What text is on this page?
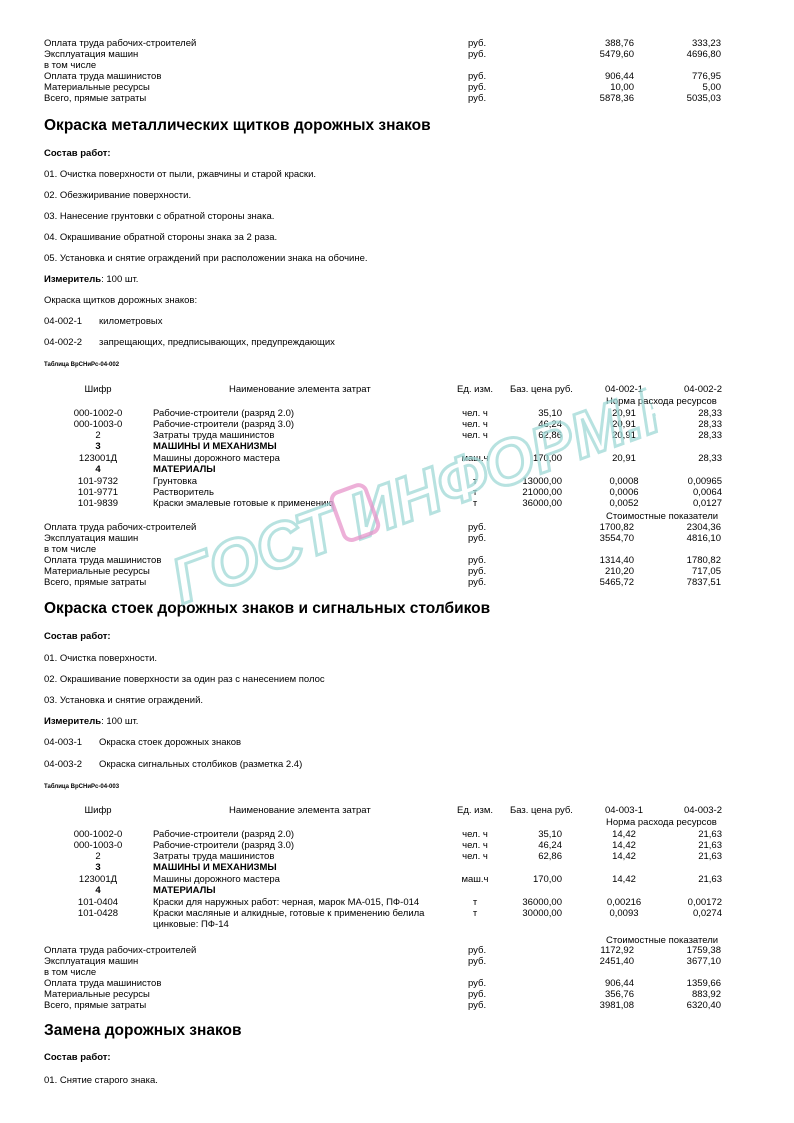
Оплата труда рабочих-строителей	руб.	388,76	333,23
Эксплуатация машин	руб.	5479,60	4696,80
в том числе
Оплата труда машинистов	руб.	906,44	776,95
Материальные ресурсы	руб.	10,00	5,00
Всего, прямые затраты	руб.	5878,36	5035,03
Окраска металлических щитков дорожных знаков
Состав работ:
01. Очистка поверхности от пыли, ржавчины и старой краски.
02. Обезжиривание поверхности.
03. Нанесение грунтовки с обратной стороны знака.
04. Окрашивание обратной стороны знака за 2 раза.
05. Установка и снятие ограждений при расположении знака на обочине.
Измеритель: 100 шт.
Окраска щитков дорожных знаков:
04-002-1 километровых
04-002-2 запрещающих, предписывающих, предупреждающих
Таблица ВрСНиРс-04-002
Шифр	Наименование элемента затрат	Ед. изм.	Баз. цена руб.	04-002-1	04-002-2
Норма расхода ресурсов
000-1002-0	Рабочие-строители (разряд 2.0)	чел. ч	35,10	20,91	28,33
000-1003-0	Рабочие-строители (разряд 3.0)	чел. ч	46,24	20,91	28,33
2	Затраты труда машинистов	чел. ч	62,86	20,91	28,33
3	МАШИНЫ И МЕХАНИЗМЫ
123001Д	Машины дорожного мастера	маш.ч	170,00	20,91	28,33
4	МАТЕРИАЛЫ
101-9732	Грунтовка	т	13000,00	0,0008	0,00965
101-9771	Растворитель	т	21000,00	0,0006	0,0064
101-9839	Краски эмалевые готовые к применению	т	36000,00	0,0052	0,0127
Стоимостные показатели
Оплата труда рабочих-строителей	руб.	1700,82	2304,36
Эксплуатация машин	руб.	3554,70	4816,10
в том числе
Оплата труда машинистов	руб.	1314,40	1780,82
Материальные ресурсы	руб.	210,20	717,05
Всего, прямые затраты	руб.	5465,72	7837,51
Окраска стоек дорожных знаков и сигнальных столбиков
Состав работ:
01. Очистка поверхности.
02. Окрашивание поверхности за один раз с нанесением полос
03. Установка и снятие ограждений.
Измеритель: 100 шт.
04-003-1 Окраска стоек дорожных знаков
04-003-2 Окраска сигнальных столбиков (разметка 2.4)
Таблица ВрСНиРс-04-003
Шифр	Наименование элемента затрат	Ед. изм.	Баз. цена руб.	04-003-1	04-003-2
Норма расхода ресурсов
000-1002-0	Рабочие-строители (разряд 2.0)	чел. ч	35,10	14,42	21,63
000-1003-0	Рабочие-строители (разряд 3.0)	чел. ч	46,24	14,42	21,63
2	Затраты труда машинистов	чел. ч	62,86	14,42	21,63
3	МАШИНЫ И МЕХАНИЗМЫ
123001Д	Машины дорожного мастера	маш.ч	170,00	14,42	21,63
4	МАТЕРИАЛЫ
101-0404	Краски для наружных работ: черная, марок МА-015, ПФ-014	т	36000,00	0,00216	0,00172
101-0428	Краски масляные и алкидные, готовые к применению белила	т	30000,00	0,0093	0,0274
цинковые: ПФ-14
Стоимостные показатели
Оплата труда рабочих-строителей	руб.	1172,92	1759,38
Эксплуатация машин	руб.	2451,40	3677,10
в том числе
Оплата труда машинистов	руб.	906,44	1359,66
Материальные ресурсы	руб.	356,76	883,92
Всего, прямые затраты	руб.	3981,08	6320,40
Замена дорожных знаков
Состав работ:
01. Снятие старого знака.
ГОСТ ИНФОРМ.RU
